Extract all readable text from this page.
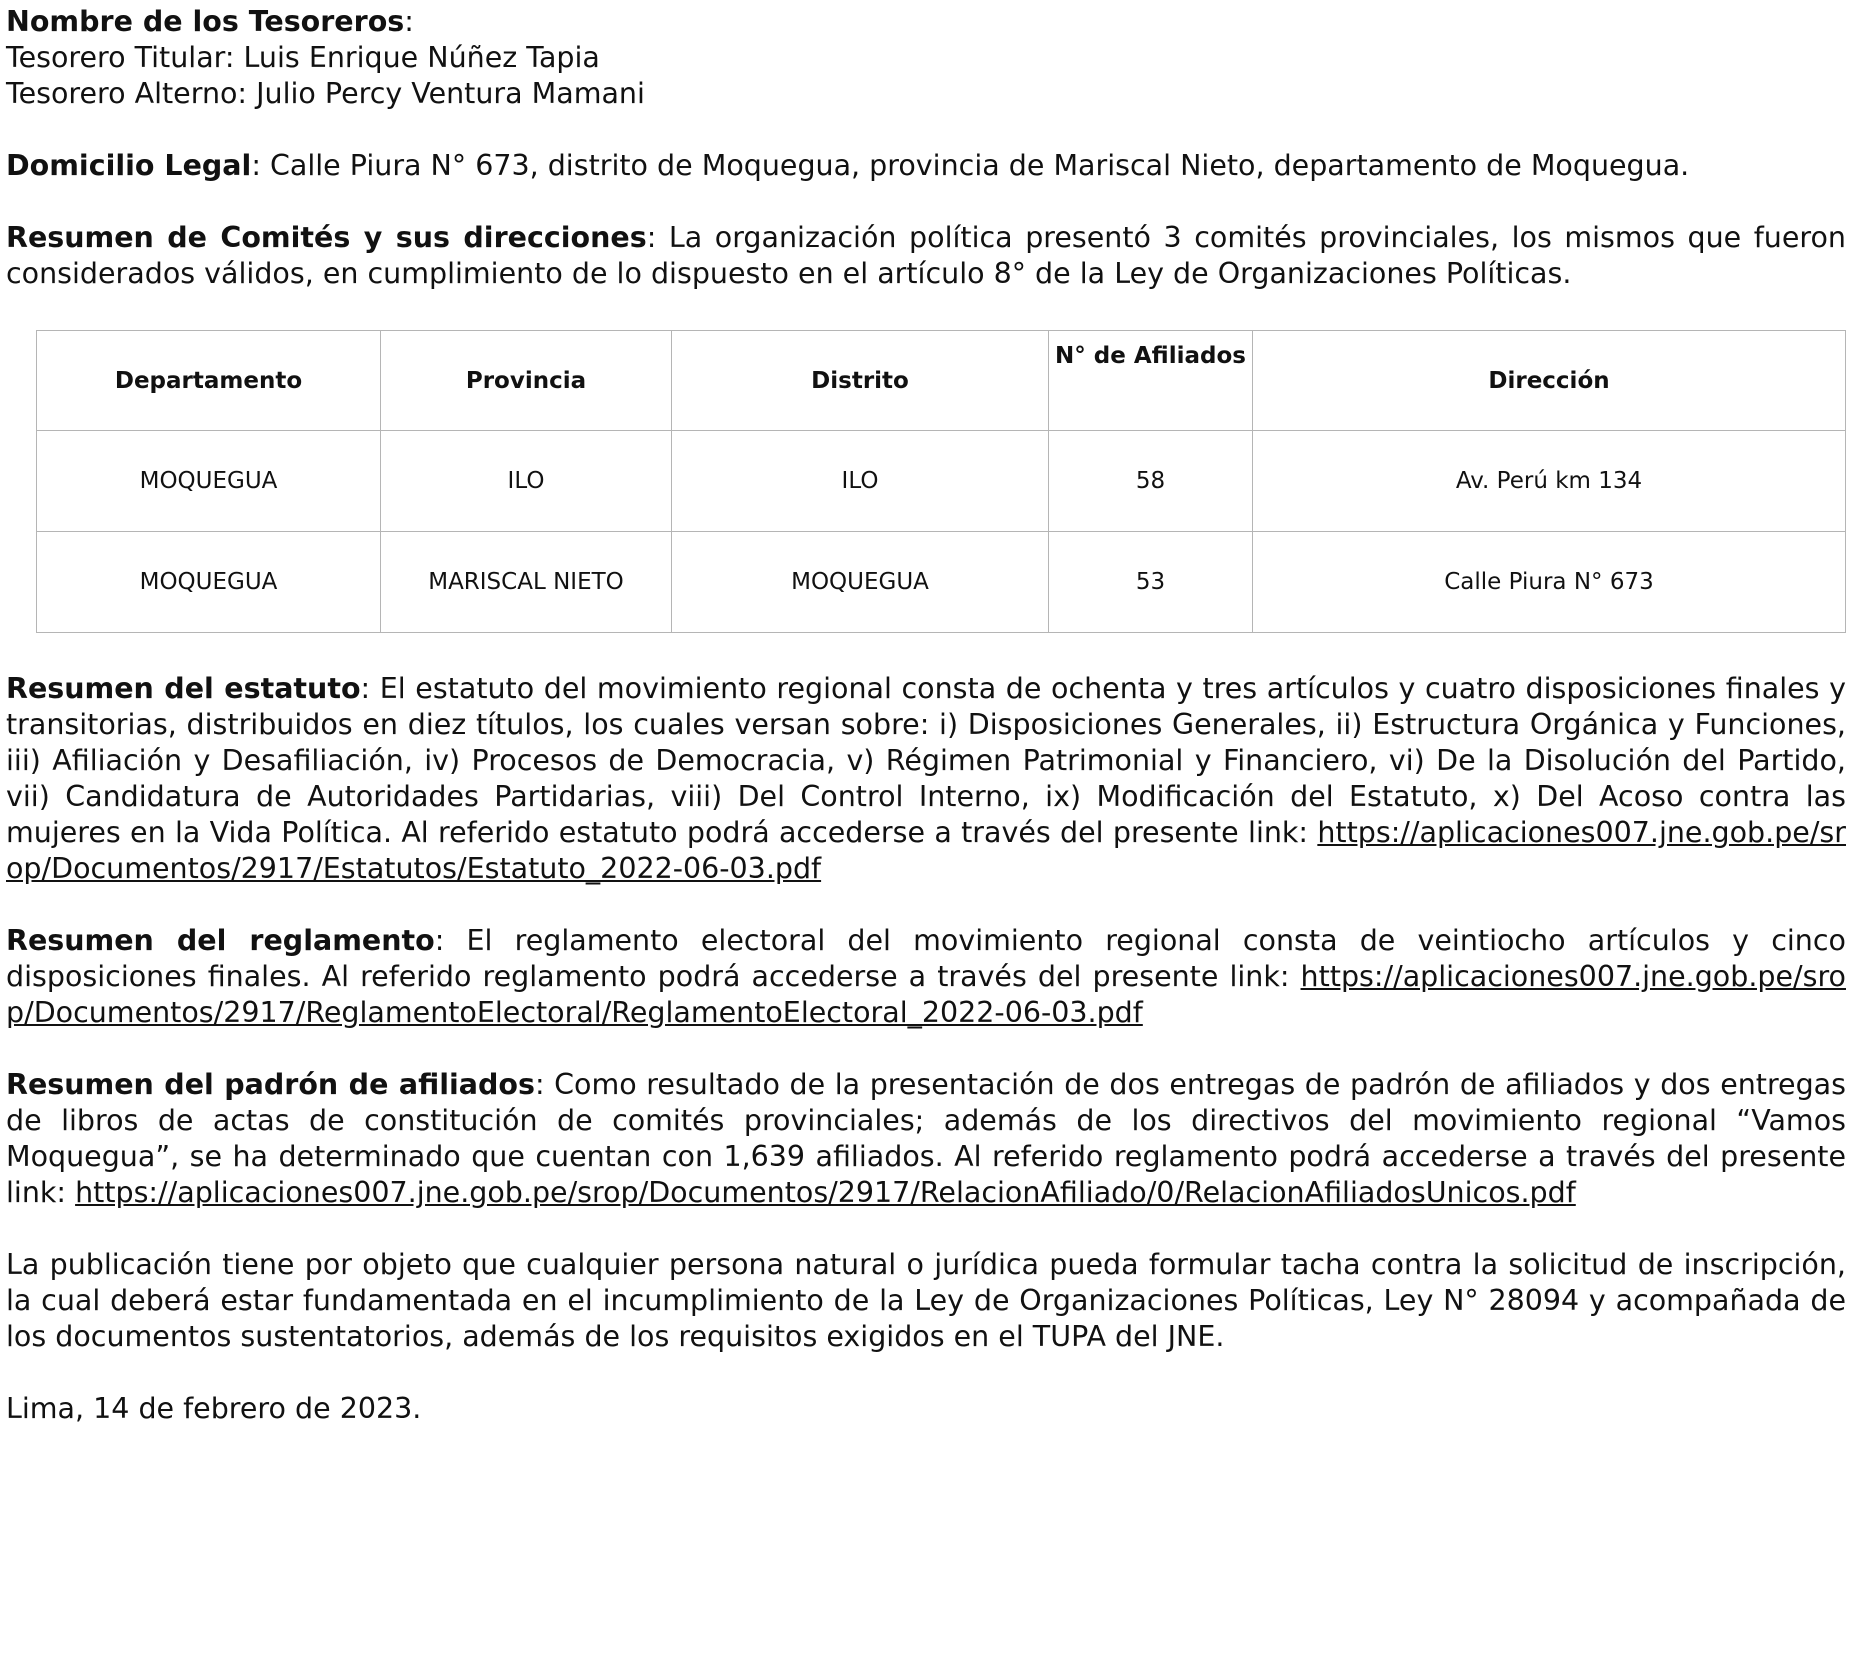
Nombre de los Tesoreros:

Tesorero Titular: Luis Enrique Núñez Tapia

Tesorero Alterno: Julio Percy Ventura Mamani

Domicilio Legal: Calle Piura N° 673, distrito de Moquegua, provincia de Mariscal Nieto, departamento de Moquegua.

Resumen de Comités y sus direcciones: La organización política presentó 3 comités provinciales, los mismos que fueron considerados válidos, en cumplimiento de lo dispuesto en el artículo 8° de la Ley de Organizaciones Políticas.

Departamento	Provincia	Distrito	N° de Afiliados	Dirección
MOQUEGUA	ILO	ILO	58	Av. Perú km 134
MOQUEGUA	MARISCAL NIETO	MOQUEGUA	53	Calle Piura N° 673

Resumen del estatuto: El estatuto del movimiento regional consta de ochenta y tres artículos y cuatro disposiciones finales y transitorias, distribuidos en diez títulos, los cuales versan sobre: i) Disposiciones Generales, ii) Estructura Orgánica y Funciones, iii) Afiliación y Desafiliación, iv) Procesos de Democracia, v) Régimen Patrimonial y Financiero, vi) De la Disolución del Partido, vii) Candidatura de Autoridades Partidarias, viii) Del Control Interno, ix) Modificación del Estatuto, x) Del Acoso contra las mujeres en la Vida Política. Al referido estatuto podrá accederse a través del presente link: https://aplicaciones007.jne.gob.pe/srop/Documentos/2917/Estatutos/Estatuto_2022-06-03.pdf

Resumen del reglamento: El reglamento electoral del movimiento regional consta de veintiocho artículos y cinco disposiciones finales. Al referido reglamento podrá accederse a través del presente link: https://aplicaciones007.jne.gob.pe/srop/Documentos/2917/ReglamentoElectoral/ReglamentoElectoral_2022-06-03.pdf

Resumen del padrón de afiliados: Como resultado de la presentación de dos entregas de padrón de afiliados y dos entregas de libros de actas de constitución de comités provinciales; además de los directivos del movimiento regional “Vamos Moquegua”, se ha determinado que cuentan con 1,639 afiliados. Al referido reglamento podrá accederse a través del presente link: https://aplicaciones007.jne.gob.pe/srop/Documentos/2917/RelacionAfiliado/0/RelacionAfiliadosUnicos.pdf

La publicación tiene por objeto que cualquier persona natural o jurídica pueda formular tacha contra la solicitud de inscripción, la cual deberá estar fundamentada en el incumplimiento de la Ley de Organizaciones Políticas, Ley N° 28094 y acompañada de los documentos sustentatorios, además de los requisitos exigidos en el TUPA del JNE.

Lima, 14 de febrero de 2023.
